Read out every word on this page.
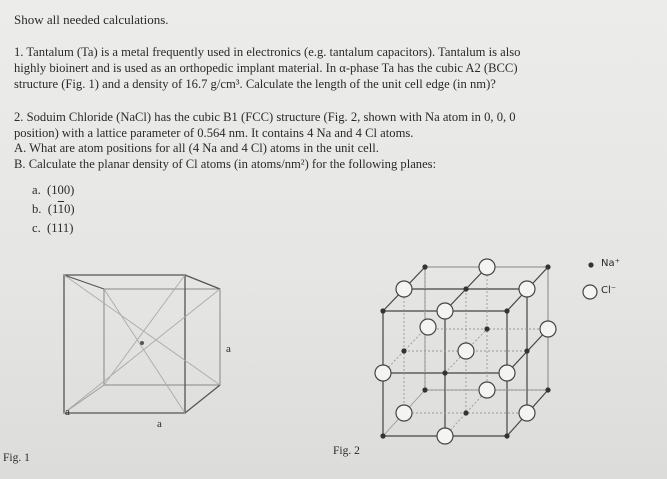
Show all needed calculations.
1. Tantalum (Ta) is a metal frequently used in electronics (e.g. tantalum capacitors). Tantalum is also
highly bioinert and is used as an orthopedic implant material. In α-phase Ta has the cubic A2 (BCC)
structure (Fig. 1) and a density of 16.7 g/cm³. Calculate the length of the unit cell edge (in nm)?
2. Soduim Chloride (NaCl) has the cubic B1 (FCC) structure (Fig. 2, shown with Na atom in 0, 0, 0
position) with a lattice parameter of 0.564 nm. It contains 4 Na and 4 Cl atoms.
A. What are atom positions for all (4 Na and 4 Cl) atoms in the unit cell.
B. Calculate the planar density of Cl atoms (in atoms/nm²) for the following planes:
a. (100)
b. (110)
c. (111)
a
a
a
Fig. 1
Na⁺
Cl⁻
Fig. 2
